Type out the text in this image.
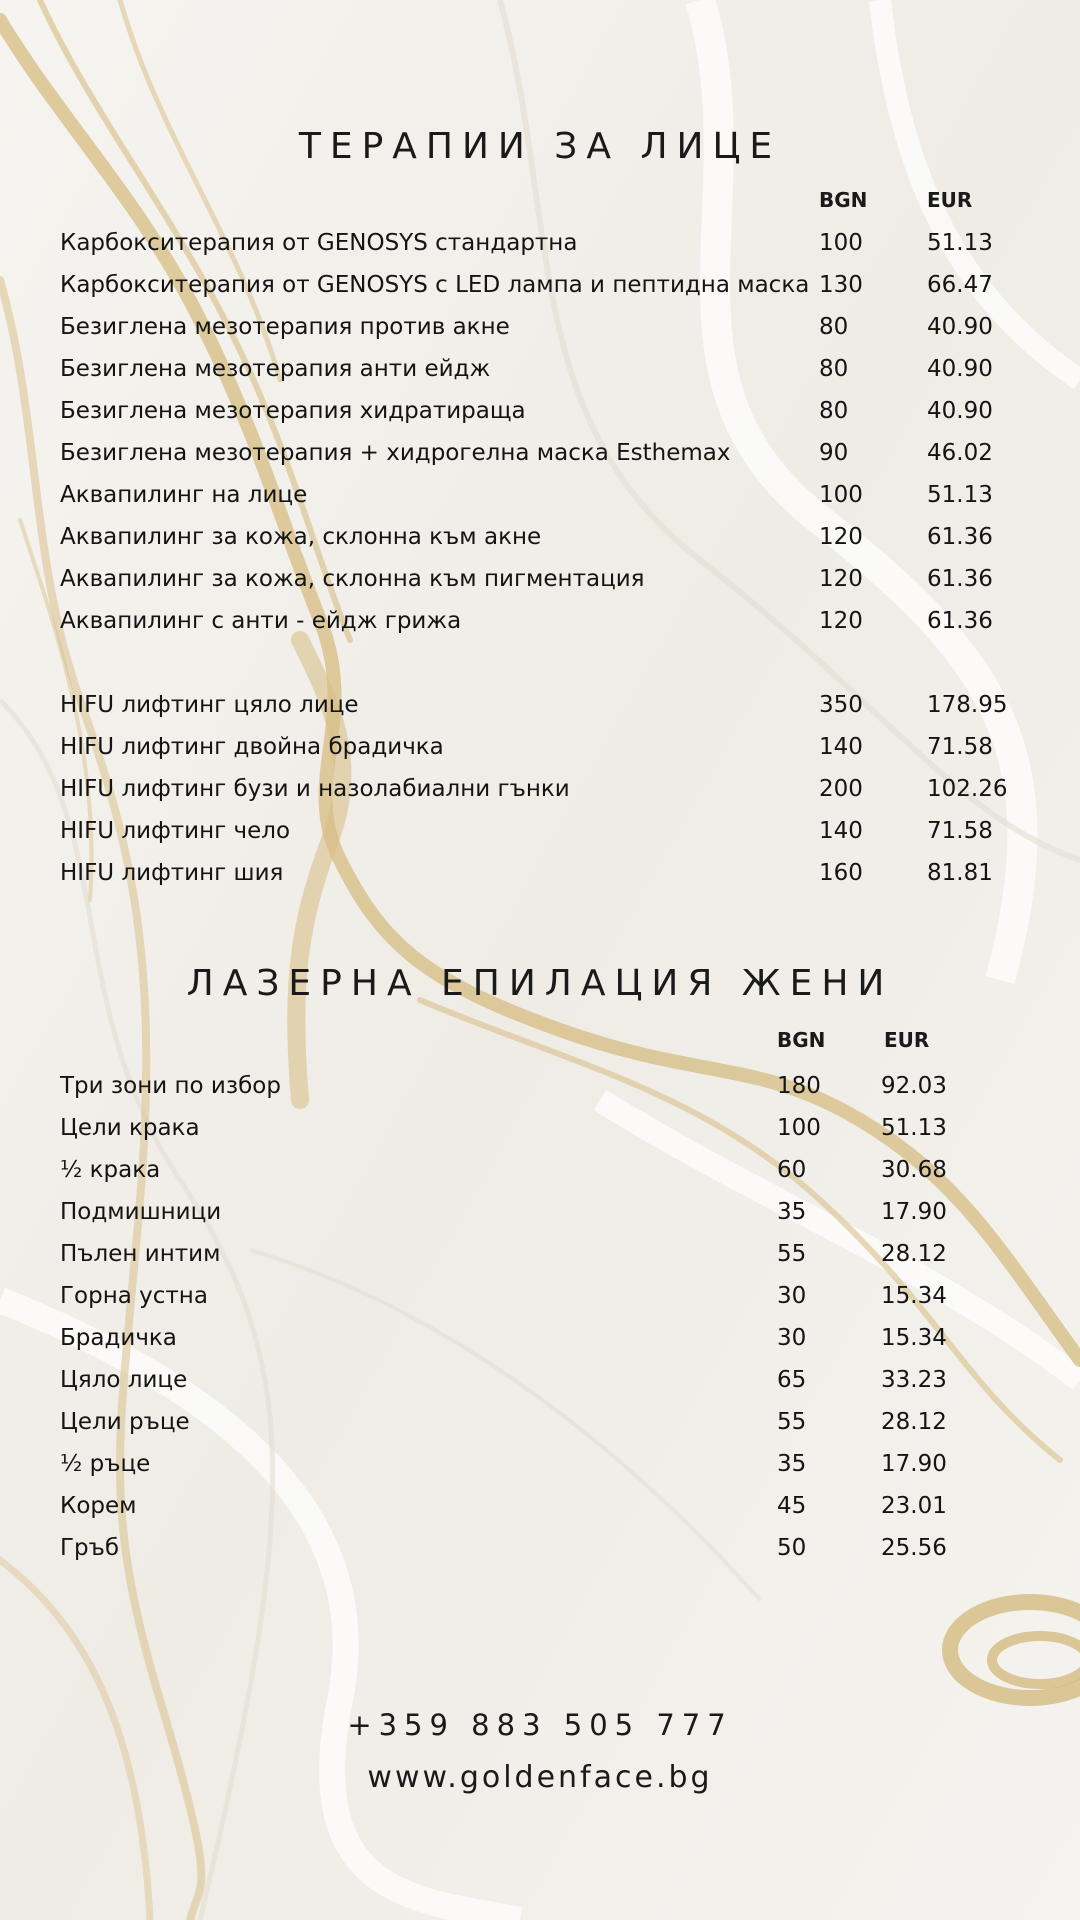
ТЕРАПИИ ЗА ЛИЦЕ
BGN	EUR
Карбокситерапия от GENOSYS стандартна	100	51.13
Карбокситерапия от GENOSYS с LED лампа и пептидна маска 130	66.47
Безиглена мезотерапия против акне	80	40.90
Безиглена мезотерапия анти ейдж	80	40.90
Безиглена мезотерапия хидратираща	80	40.90
Безиглена мезотерапия + хидрогелна маска Esthemax	90	46.02
Аквапилинг на лице	100	51.13
Аквапилинг за кожа, склонна към акне	120	61.36
Аквапилинг за кожа, склонна към пигментация	120	61.36
Аквапилинг с анти - ейдж грижа	120	61.36
HIFU лифтинг цяло лице	350	178.95
HIFU лифтинг двойна брадичка	140	71.58
HIFU лифтинг бузи и назолабиални гънки	200	102.26
HIFU лифтинг чело	140	71.58
HIFU лифтинг шия	160	81.81
ЛАЗЕРНА ЕПИЛАЦИЯ ЖЕНИ
BGN	EUR
Три зони по избор	180	92.03
Цели крака	100	51.13
½ крака	60	30.68
Подмишници	35	17.90
Пълен интим	55	28.12
Горна устна	30	15.34
Брадичка	30	15.34
Цяло лице	65	33.23
Цели ръце	55	28.12
½ ръце	35	17.90
Корем	45	23.01
Гръб	50	25.56

+359 883 505 777

www.goldenface.bg
